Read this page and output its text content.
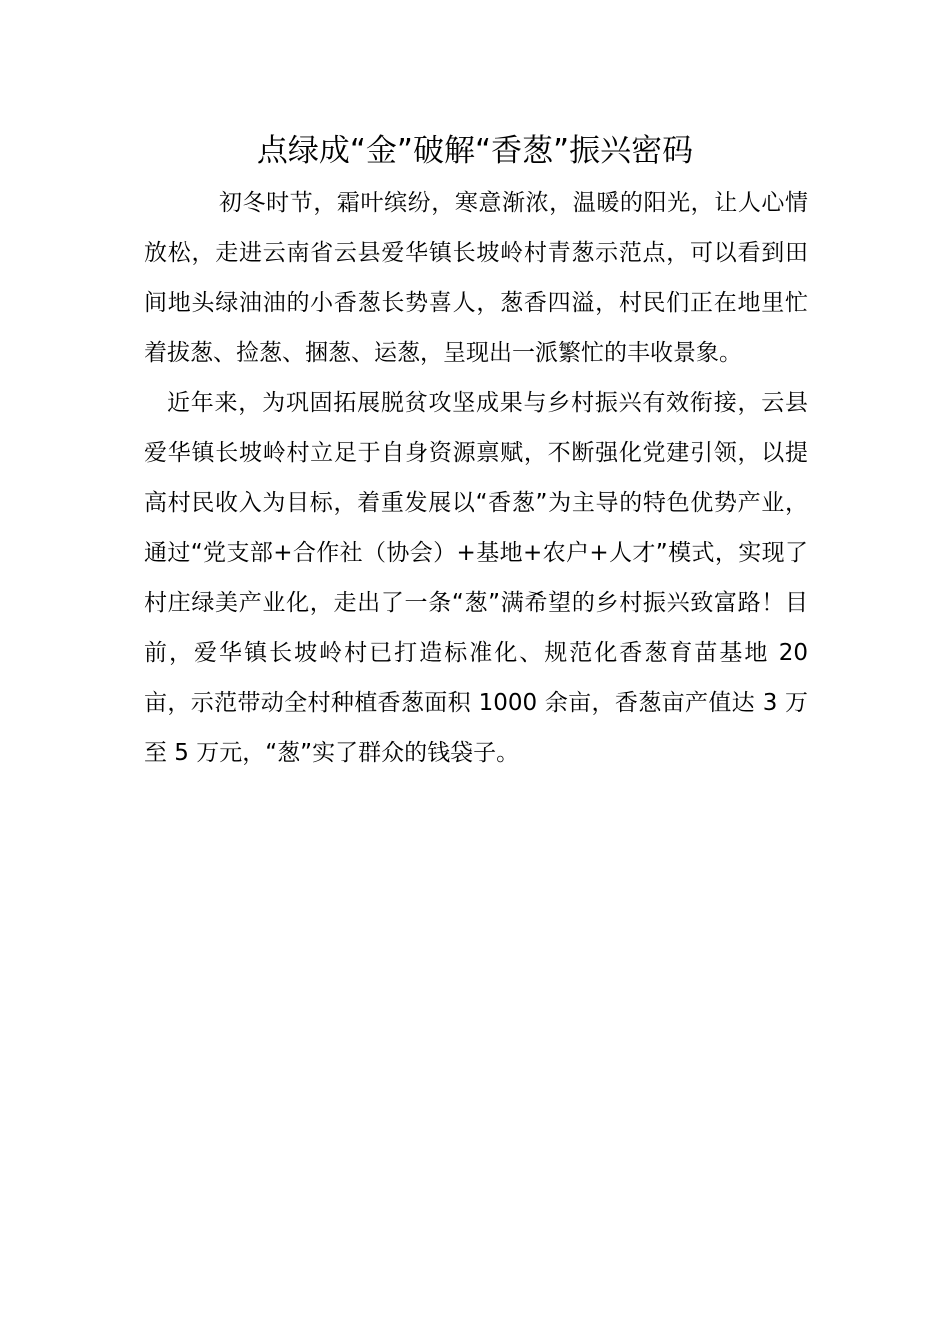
点绿成“金”破解“香葱”振兴密码

初冬时节，霜叶缤纷，寒意渐浓，温暖的阳光，让人心情放松，走进云南省云县爱华镇长坡岭村青葱示范点，可以看到田间地头绿油油的小香葱长势喜人，葱香四溢，村民们正在地里忙着拔葱、捡葱、捆葱、运葱，呈现出一派繁忙的丰收景象。

近年来，为巩固拓展脱贫攻坚成果与乡村振兴有效衔接，云县爱华镇长坡岭村立足于自身资源禀赋，不断强化党建引领，以提高村民收入为目标，着重发展以“香葱”为主导的特色优势产业，通过“党支部+合作社（协会）+基地+农户+人才”模式，实现了村庄绿美产业化，走出了一条“葱”满希望的乡村振兴致富路！目前，爱华镇长坡岭村已打造标准化、规范化香葱育苗基地 20 亩，示范带动全村种植香葱面积 1000 余亩，香葱亩产值达 3 万至 5 万元，“葱”实了群众的钱袋子。
